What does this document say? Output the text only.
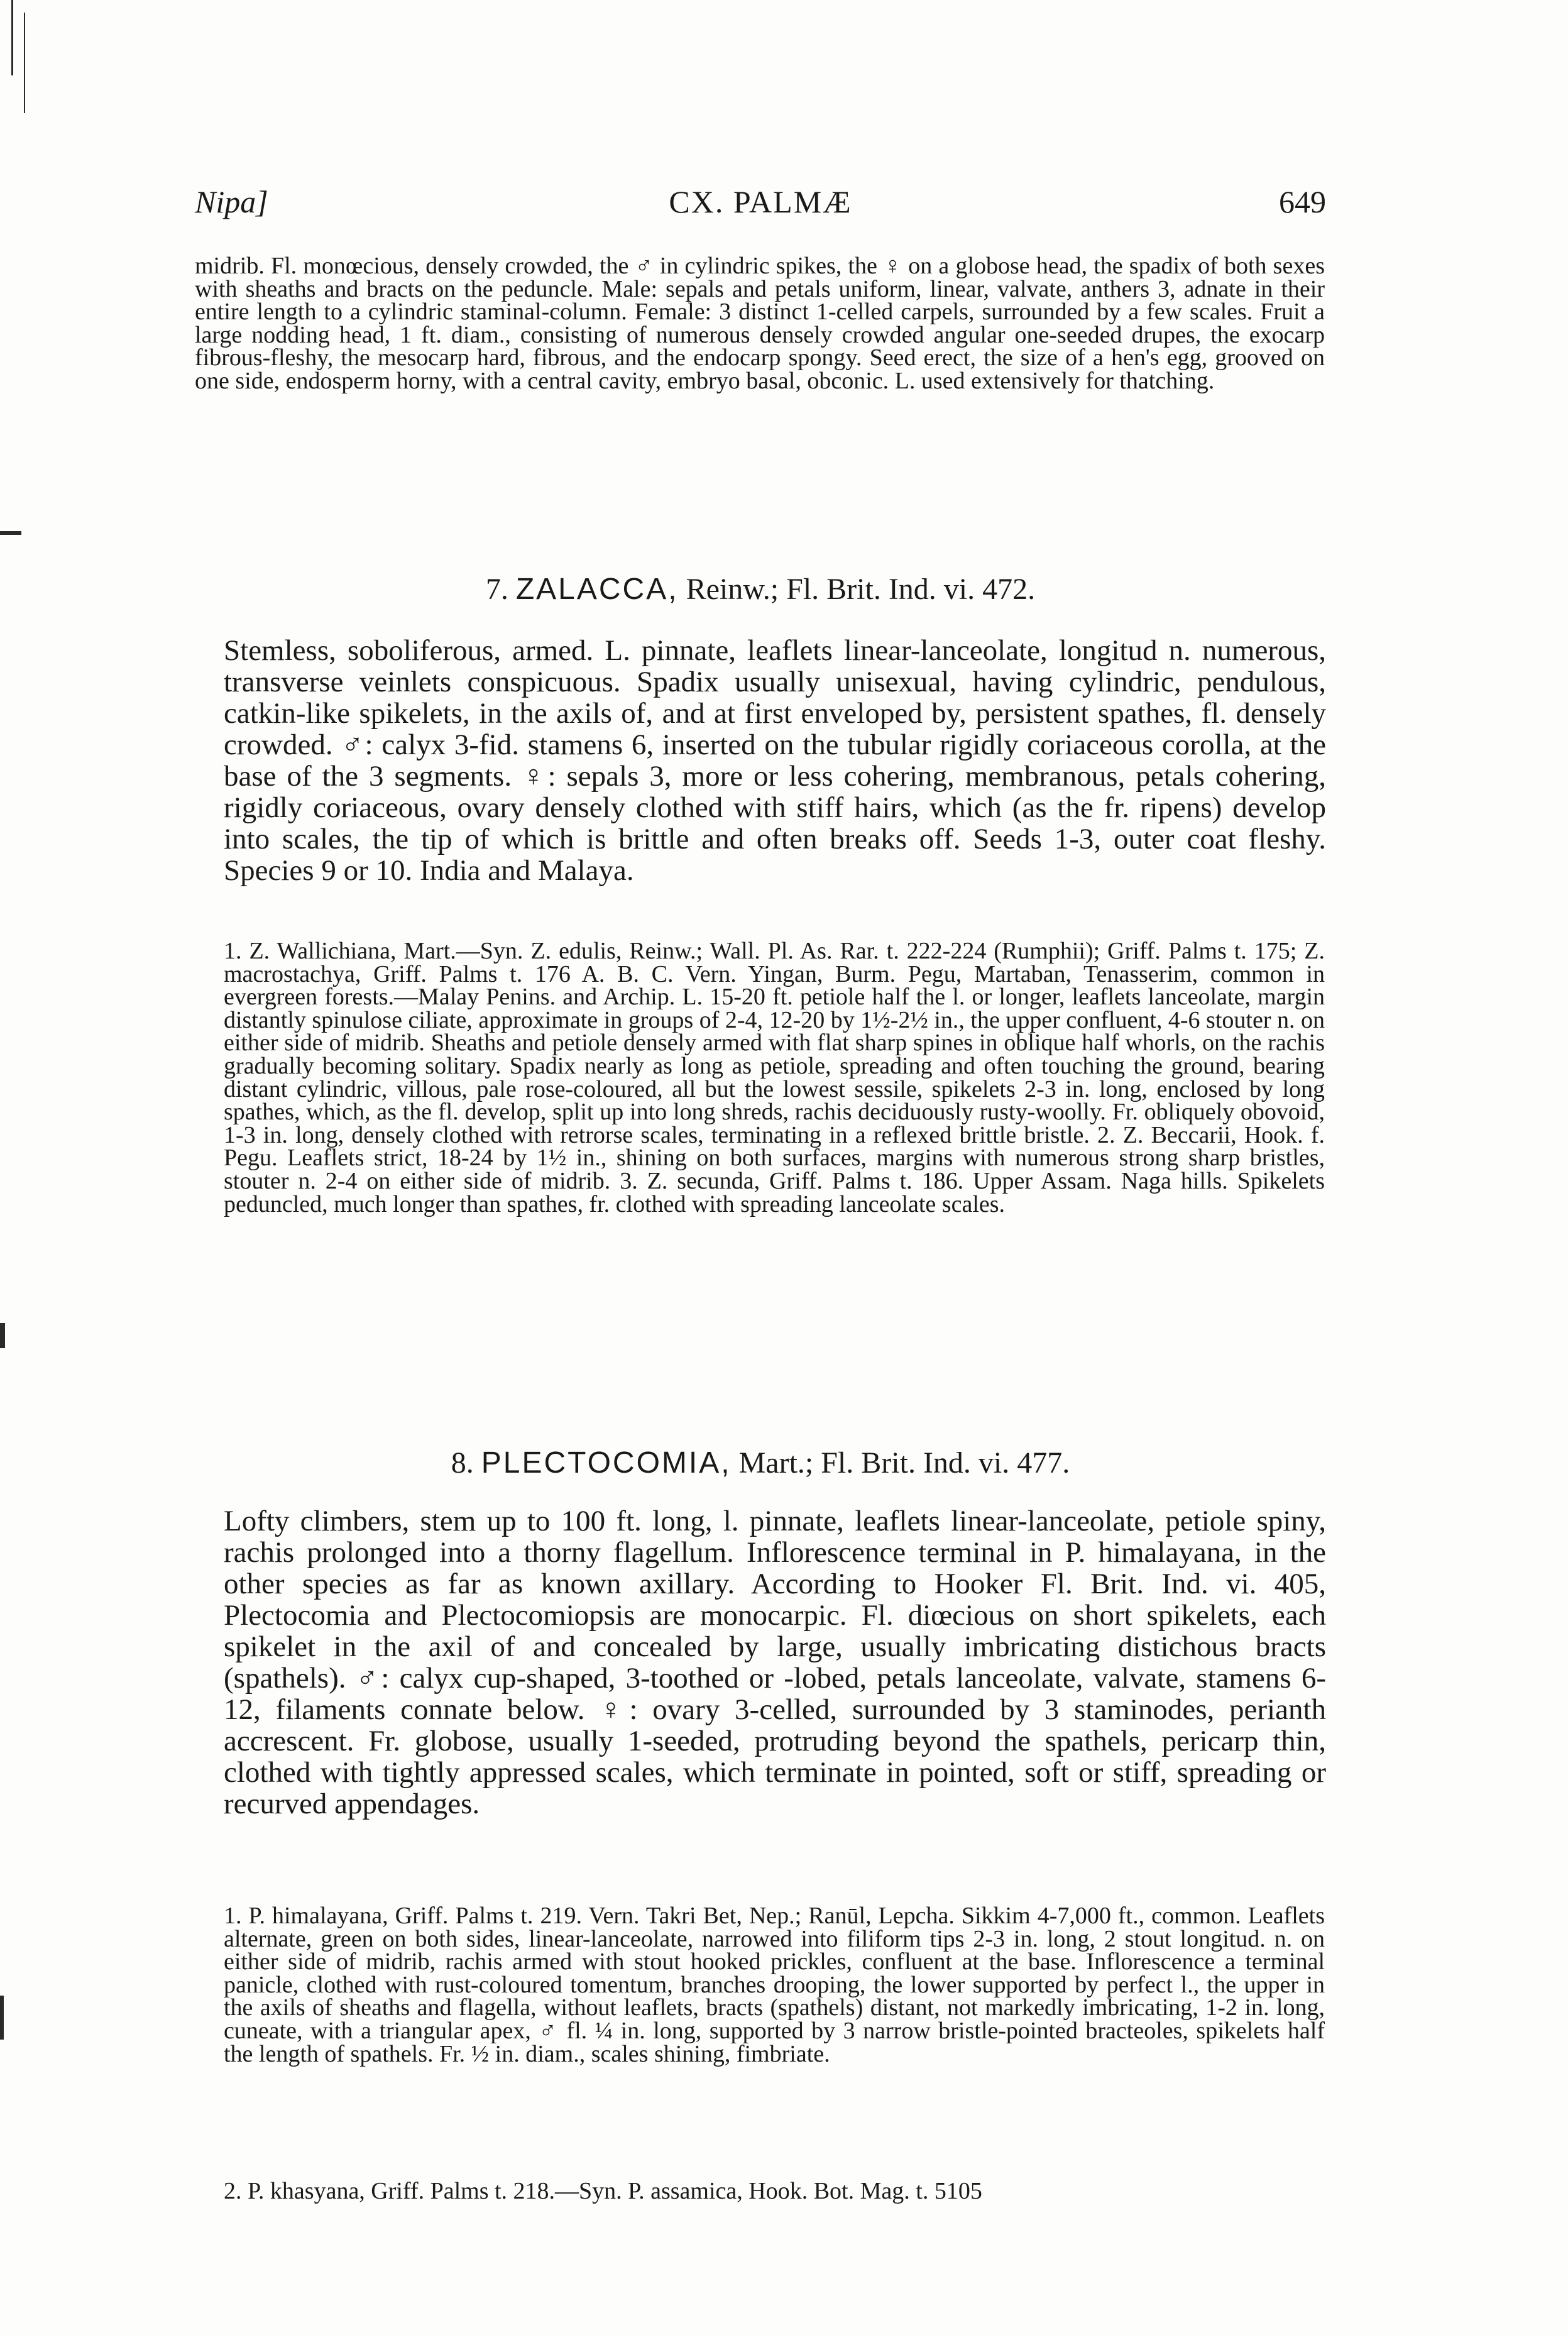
Nipa]	CX. PALMÆ	649

midrib. Fl. monœcious, densely crowded, the ♂ in cylindric spikes, the ♀ on a globose head, the spadix of both sexes with sheaths and bracts on the peduncle. Male: sepals and petals uniform, linear, valvate, anthers 3, adnate in their entire length to a cylindric staminal-column. Female: 3 distinct 1-celled carpels, surrounded by a few scales. Fruit a large nodding head, 1 ft. diam., consisting of numerous densely crowded angular one-seeded drupes, the exocarp fibrous-fleshy, the mesocarp hard, fibrous, and the endocarp spongy. Seed erect, the size of a hen's egg, grooved on one side, endosperm horny, with a central cavity, embryo basal, obconic. L. used extensively for thatching.

7. ZALACCA, Reinw.; Fl. Brit. Ind. vi. 472.

Stemless, soboliferous, armed. L. pinnate, leaflets linear-lanceolate, longitud n. numerous, transverse veinlets conspicuous. Spadix usually unisexual, having cylindric, pendulous, catkin-like spikelets, in the axils of, and at first enveloped by, persistent spathes, fl. densely crowded. ♂: calyx 3-fid. stamens 6, inserted on the tubular rigidly coriaceous corolla, at the base of the 3 segments. ♀: sepals 3, more or less cohering, membranous, petals cohering, rigidly coriaceous, ovary densely clothed with stiff hairs, which (as the fr. ripens) develop into scales, the tip of which is brittle and often breaks off. Seeds 1-3, outer coat fleshy. Species 9 or 10. India and Malaya.

1. Z. Wallichiana, Mart.—Syn. Z. edulis, Reinw.; Wall. Pl. As. Rar. t. 222-224 (Rumphii); Griff. Palms t. 175; Z. macrostachya, Griff. Palms t. 176 A. B. C. Vern. Yingan, Burm. Pegu, Martaban, Tenasserim, common in evergreen forests.—Malay Penins. and Archip. L. 15-20 ft. petiole half the l. or longer, leaflets lanceolate, margin distantly spinulose ciliate, approximate in groups of 2-4, 12-20 by 1½-2½ in., the upper confluent, 4-6 stouter n. on either side of midrib. Sheaths and petiole densely armed with flat sharp spines in oblique half whorls, on the rachis gradually becoming solitary. Spadix nearly as long as petiole, spreading and often touching the ground, bearing distant cylindric, villous, pale rose-coloured, all but the lowest sessile, spikelets 2-3 in. long, enclosed by long spathes, which, as the fl. develop, split up into long shreds, rachis deciduously rusty-woolly. Fr. obliquely obovoid, 1-3 in. long, densely clothed with retrorse scales, terminating in a reflexed brittle bristle. 2. Z. Beccarii, Hook. f. Pegu. Leaflets strict, 18-24 by 1½ in., shining on both surfaces, margins with numerous strong sharp bristles, stouter n. 2-4 on either side of midrib. 3. Z. secunda, Griff. Palms t. 186. Upper Assam. Naga hills. Spikelets peduncled, much longer than spathes, fr. clothed with spreading lanceolate scales.

8. PLECTOCOMIA, Mart.; Fl. Brit. Ind. vi. 477.

Lofty climbers, stem up to 100 ft. long, l. pinnate, leaflets linear-lanceolate, petiole spiny, rachis prolonged into a thorny flagellum. Inflorescence terminal in P. himalayana, in the other species as far as known axillary. According to Hooker Fl. Brit. Ind. vi. 405, Plectocomia and Plectocomiopsis are monocarpic. Fl. diœcious on short spikelets, each spikelet in the axil of and concealed by large, usually imbricating distichous bracts (spathels). ♂: calyx cup-shaped, 3-toothed or -lobed, petals lanceolate, valvate, stamens 6-12, filaments connate below. ♀: ovary 3-celled, surrounded by 3 staminodes, perianth accrescent. Fr. globose, usually 1-seeded, protruding beyond the spathels, pericarp thin, clothed with tightly appressed scales, which terminate in pointed, soft or stiff, spreading or recurved appendages.

1. P. himalayana, Griff. Palms t. 219. Vern. Takri Bet, Nep.; Ranūl, Lepcha. Sikkim 4-7,000 ft., common. Leaflets alternate, green on both sides, linear-lanceolate, narrowed into filiform tips 2-3 in. long, 2 stout longitud. n. on either side of midrib, rachis armed with stout hooked prickles, confluent at the base. Inflorescence a terminal panicle, clothed with rust-coloured tomentum, branches drooping, the lower supported by perfect l., the upper in the axils of sheaths and flagella, without leaflets, bracts (spathels) distant, not markedly imbricating, 1-2 in. long, cuneate, with a triangular apex, ♂ fl. ¼ in. long, supported by 3 narrow bristle-pointed bracteoles, spikelets half the length of spathels. Fr. ½ in. diam., scales shining, fimbriate.

2. P. khasyana, Griff. Palms t. 218.—Syn. P. assamica, Hook. Bot. Mag. t. 5105
